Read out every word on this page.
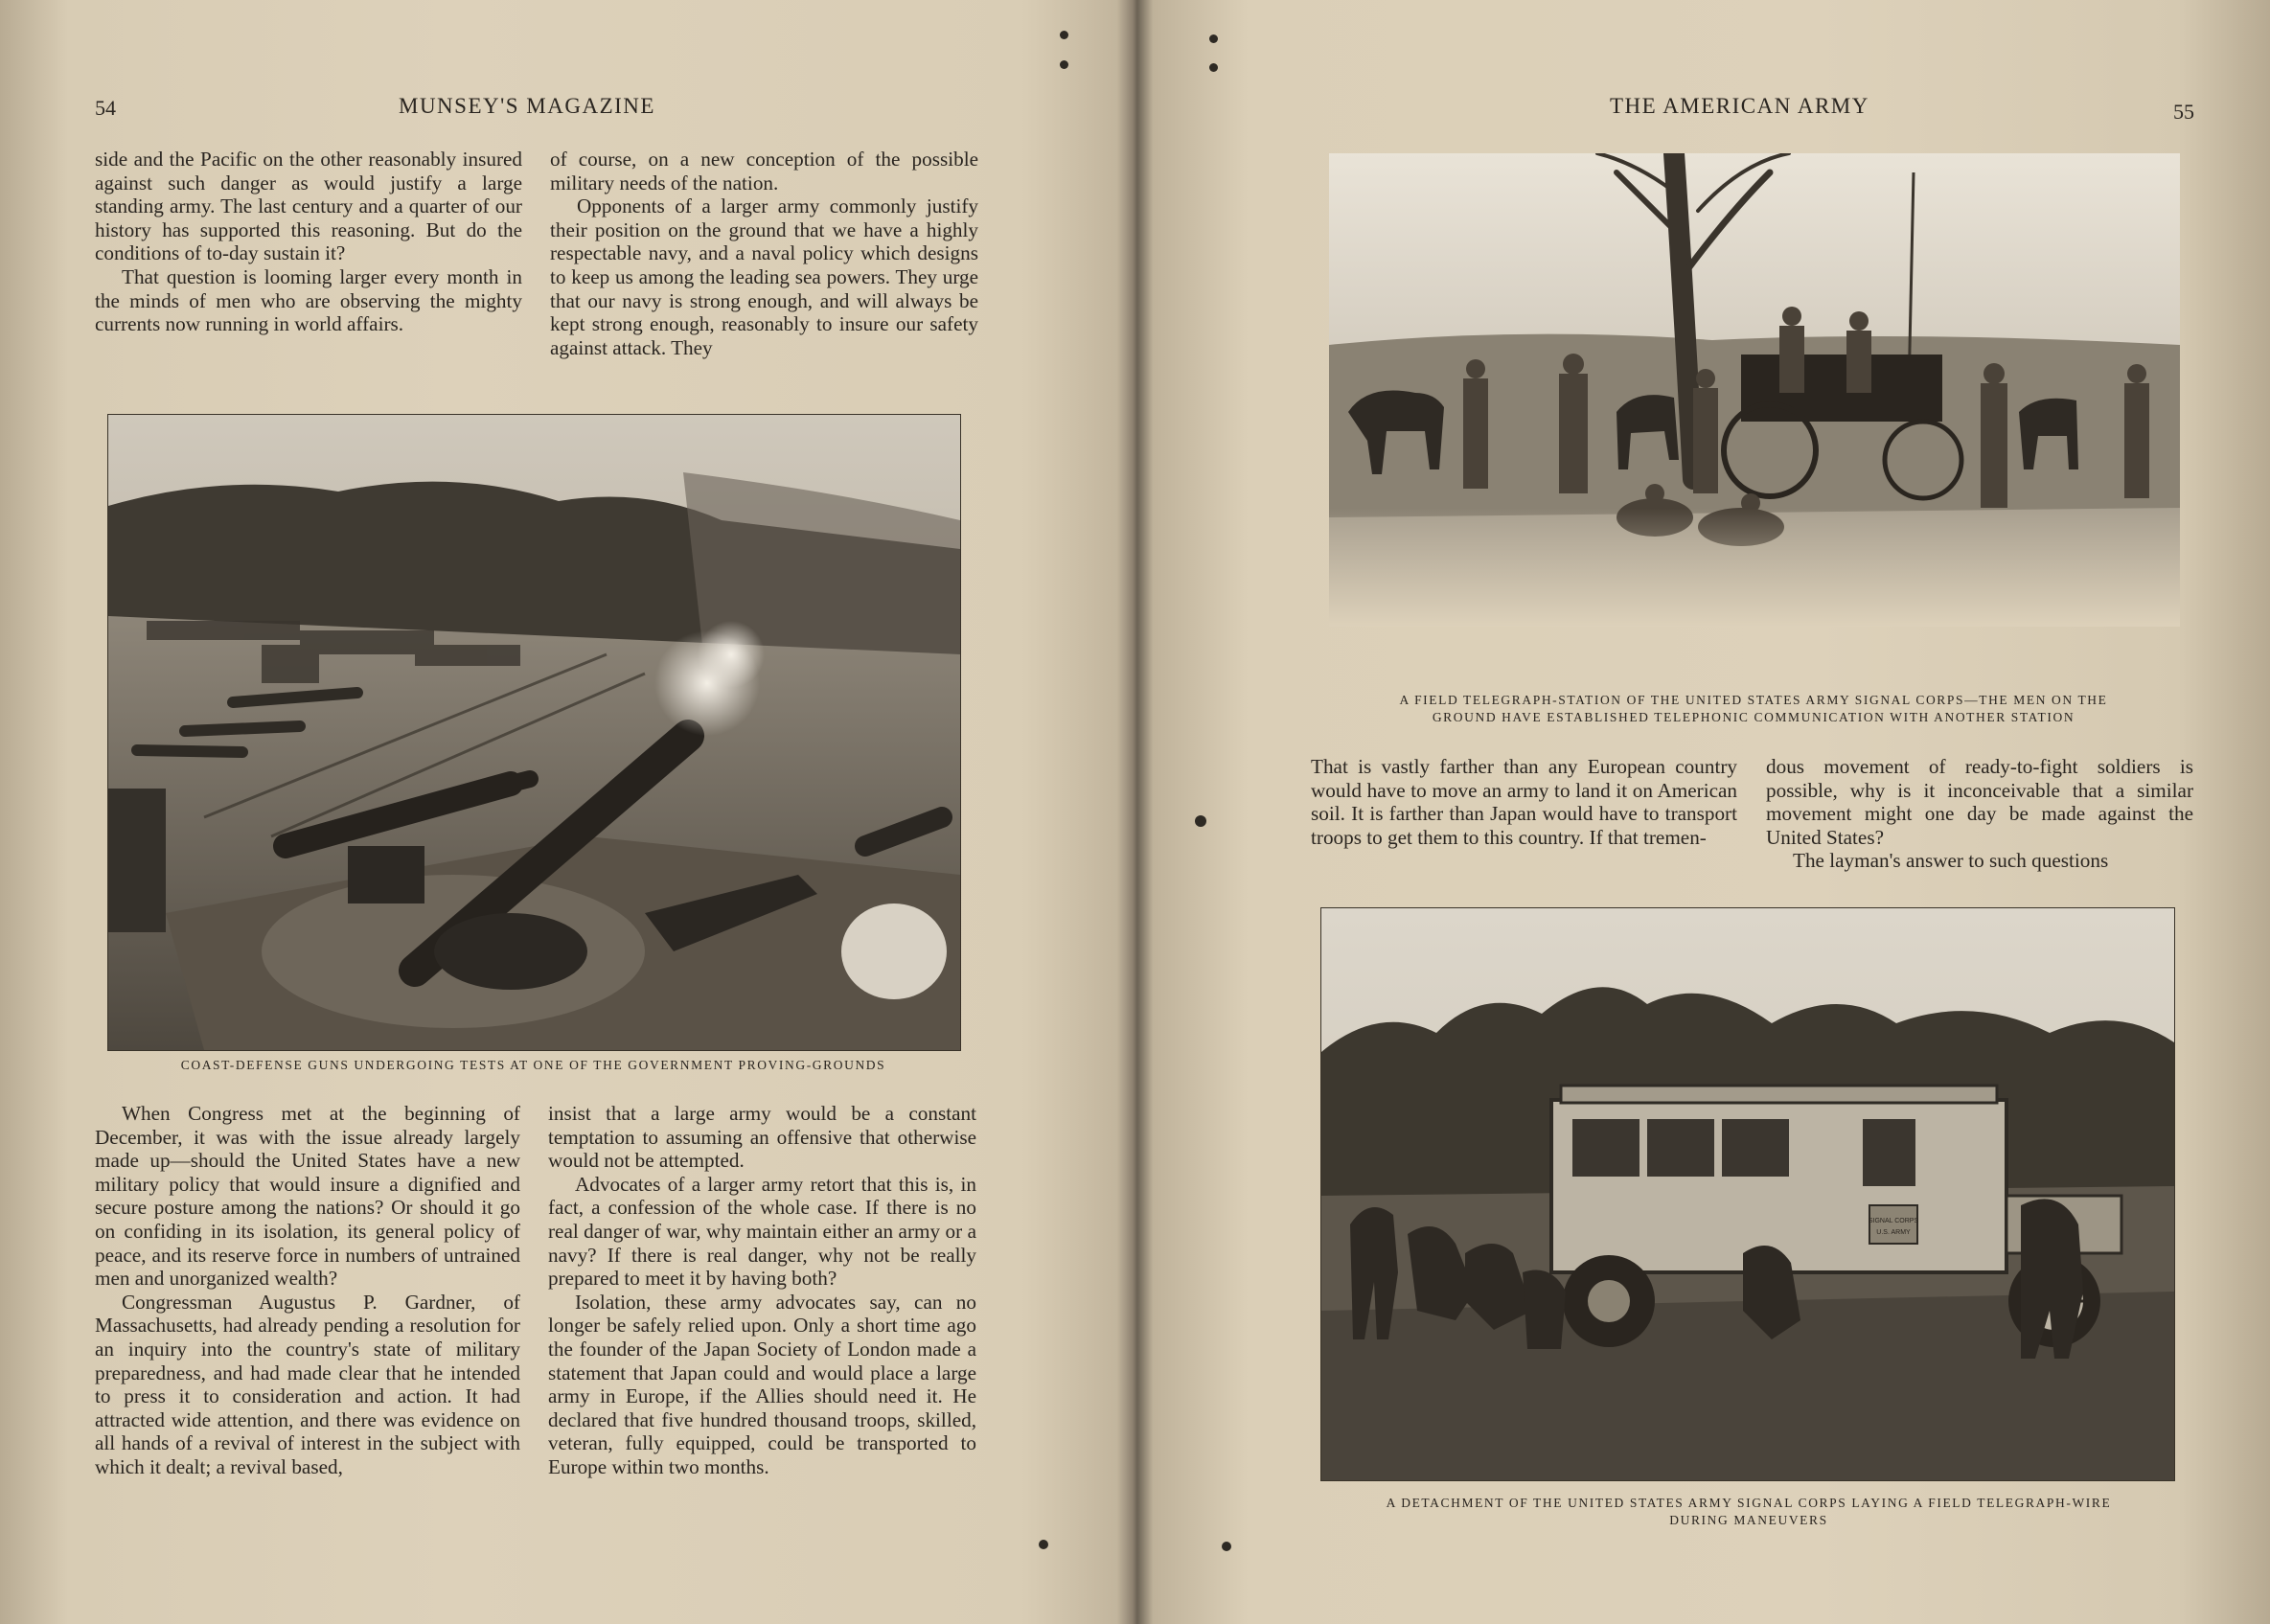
54	MUNSEY'S MAGAZINE

side and the Pacific on the other reasonably insured against such danger as would justify a large standing army. The last century and a quarter of our history has supported this reasoning. But do the conditions of to-day sustain it?

That question is looming larger every month in the minds of men who are observing the mighty currents now running in world affairs.

of course, on a new conception of the possible military needs of the nation.

Opponents of a larger army commonly justify their position on the ground that we have a highly respectable navy, and a naval policy which designs to keep us among the leading sea powers. They urge that our navy is strong enough, and will always be kept strong enough, reasonably to insure our safety against attack. They

COAST-DEFENSE GUNS UNDERGOING TESTS AT ONE OF THE GOVERNMENT PROVING-GROUNDS

When Congress met at the beginning of December, it was with the issue already largely made up—should the United States have a new military policy that would insure a dignified and secure posture among the nations? Or should it go on confiding in its isolation, its general policy of peace, and its reserve force in numbers of untrained men and unorganized wealth?

Congressman Augustus P. Gardner, of Massachusetts, had already pending a resolution for an inquiry into the country's state of military preparedness, and had made clear that he intended to press it to consideration and action. It had attracted wide attention, and there was evidence on all hands of a revival of interest in the subject with which it dealt; a revival based,

insist that a large army would be a constant temptation to assuming an offensive that otherwise would not be attempted.

Advocates of a larger army retort that this is, in fact, a confession of the whole case. If there is no real danger of war, why maintain either an army or a navy? If there is real danger, why not be really prepared to meet it by having both?

Isolation, these army advocates say, can no longer be safely relied upon. Only a short time ago the founder of the Japan Society of London made a statement that Japan could and would place a large army in Europe, if the Allies should need it. He declared that five hundred thousand troops, skilled, veteran, fully equipped, could be transported to Europe within two months.

THE AMERICAN ARMY	55
A FIELD TELEGRAPH-STATION OF THE UNITED STATES ARMY SIGNAL CORPS—THE MEN ON THE
GROUND HAVE ESTABLISHED TELEPHONIC COMMUNICATION WITH ANOTHER STATION

That is vastly farther than any European country would have to move an army to land it on American soil. It is farther than Japan would have to transport troops to get them to this country. If that tremen-

dous movement of ready-to-fight soldiers is possible, why is it inconceivable that a similar movement might one day be made against the United States?

The layman's answer to such questions

SIGNAL CORPS
U.S. ARMY
A DETACHMENT OF THE UNITED STATES ARMY SIGNAL CORPS LAYING A FIELD TELEGRAPH-WIRE
DURING MANEUVERS
